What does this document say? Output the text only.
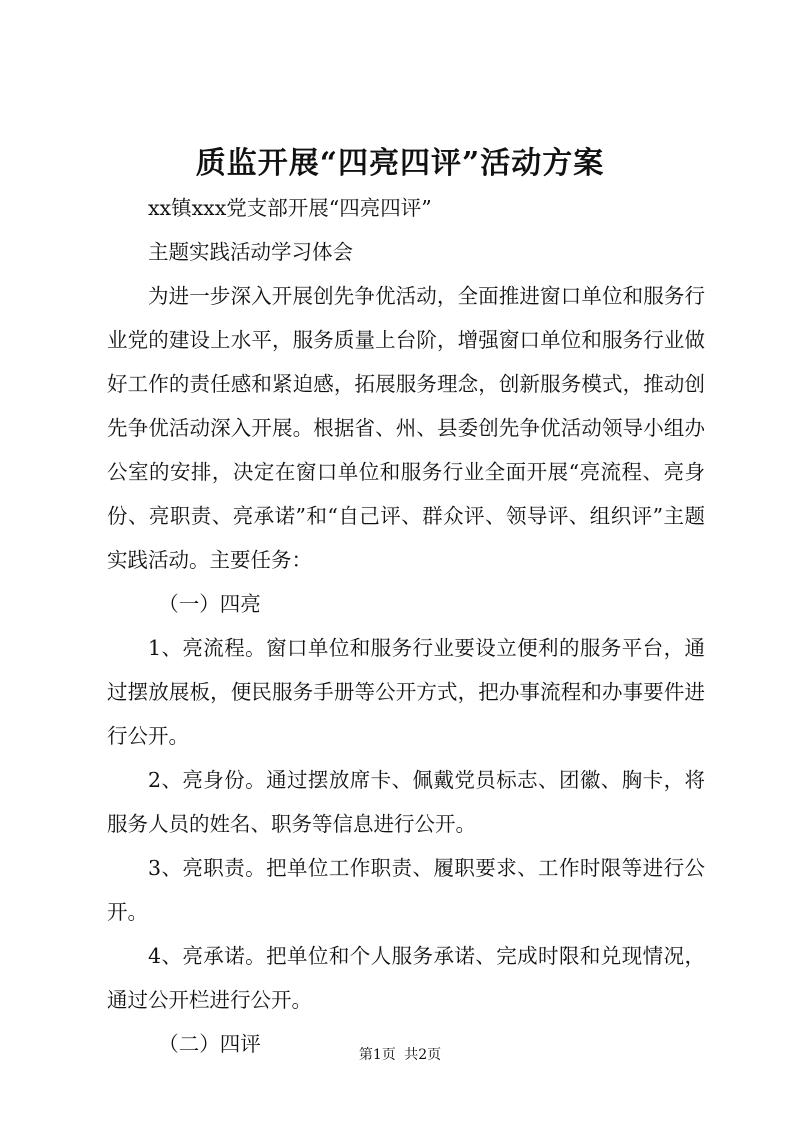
质监开展“四亮四评”活动方案

xx镇xxx党支部开展“四亮四评”

主题实践活动学习体会

为进一步深入开展创先争优活动，全面推进窗口单位和服务行业党的建设上水平，服务质量上台阶，增强窗口单位和服务行业做好工作的责任感和紧迫感，拓展服务理念，创新服务模式，推动创先争优活动深入开展。根据省、州、县委创先争优活动领导小组办公室的安排，决定在窗口单位和服务行业全面开展“亮流程、亮身份、亮职责、亮承诺”和“自己评、群众评、领导评、组织评”主题实践活动。主要任务：

（一）四亮

1、亮流程。窗口单位和服务行业要设立便利的服务平台，通过摆放展板，便民服务手册等公开方式，把办事流程和办事要件进行公开。

2、亮身份。通过摆放席卡、佩戴党员标志、团徽、胸卡，将服务人员的姓名、职务等信息进行公开。

3、亮职责。把单位工作职责、履职要求、工作时限等进行公开。

4、亮承诺。把单位和个人服务承诺、完成时限和兑现情况，通过公开栏进行公开。

（二）四评	第1页 共2页
